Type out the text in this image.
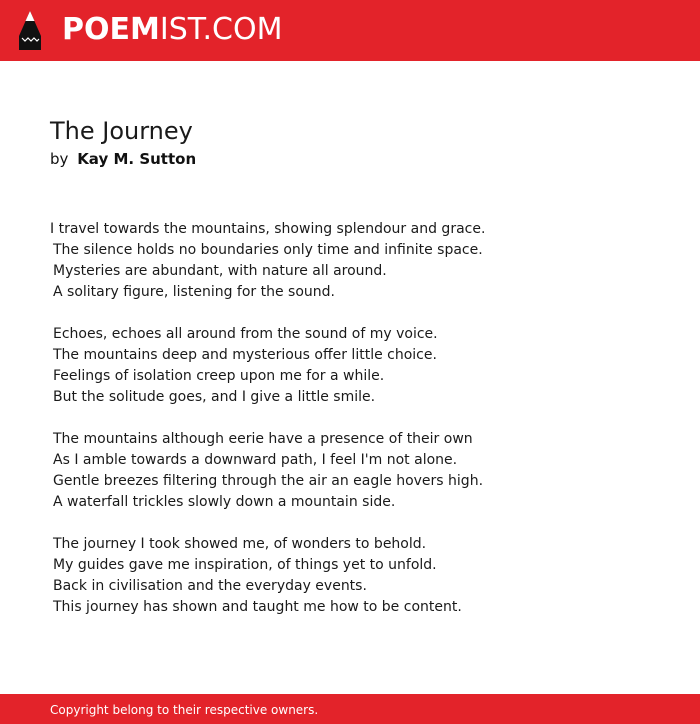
POEMIST.COM
The Journey
by Kay M. Sutton
I travel towards the mountains, showing splendour and grace.
The silence holds no boundaries only time and infinite space.
Mysteries are abundant, with nature all around.
A solitary figure, listening for the sound.
Echoes, echoes all around from the sound of my voice.
The mountains deep and mysterious offer little choice.
Feelings of isolation creep upon me for a while.
But the solitude goes, and I give a little smile.
The mountains although eerie have a presence of their own
As I amble towards a downward path, I feel I'm not alone.
Gentle breezes filtering through the air an eagle hovers high.
A waterfall trickles slowly down a mountain side.
The journey I took showed me, of wonders to behold.
My guides gave me inspiration, of things yet to unfold.
Back in civilisation and the everyday events.
This journey has shown and taught me how to be content.
Copyright belong to their respective owners.
